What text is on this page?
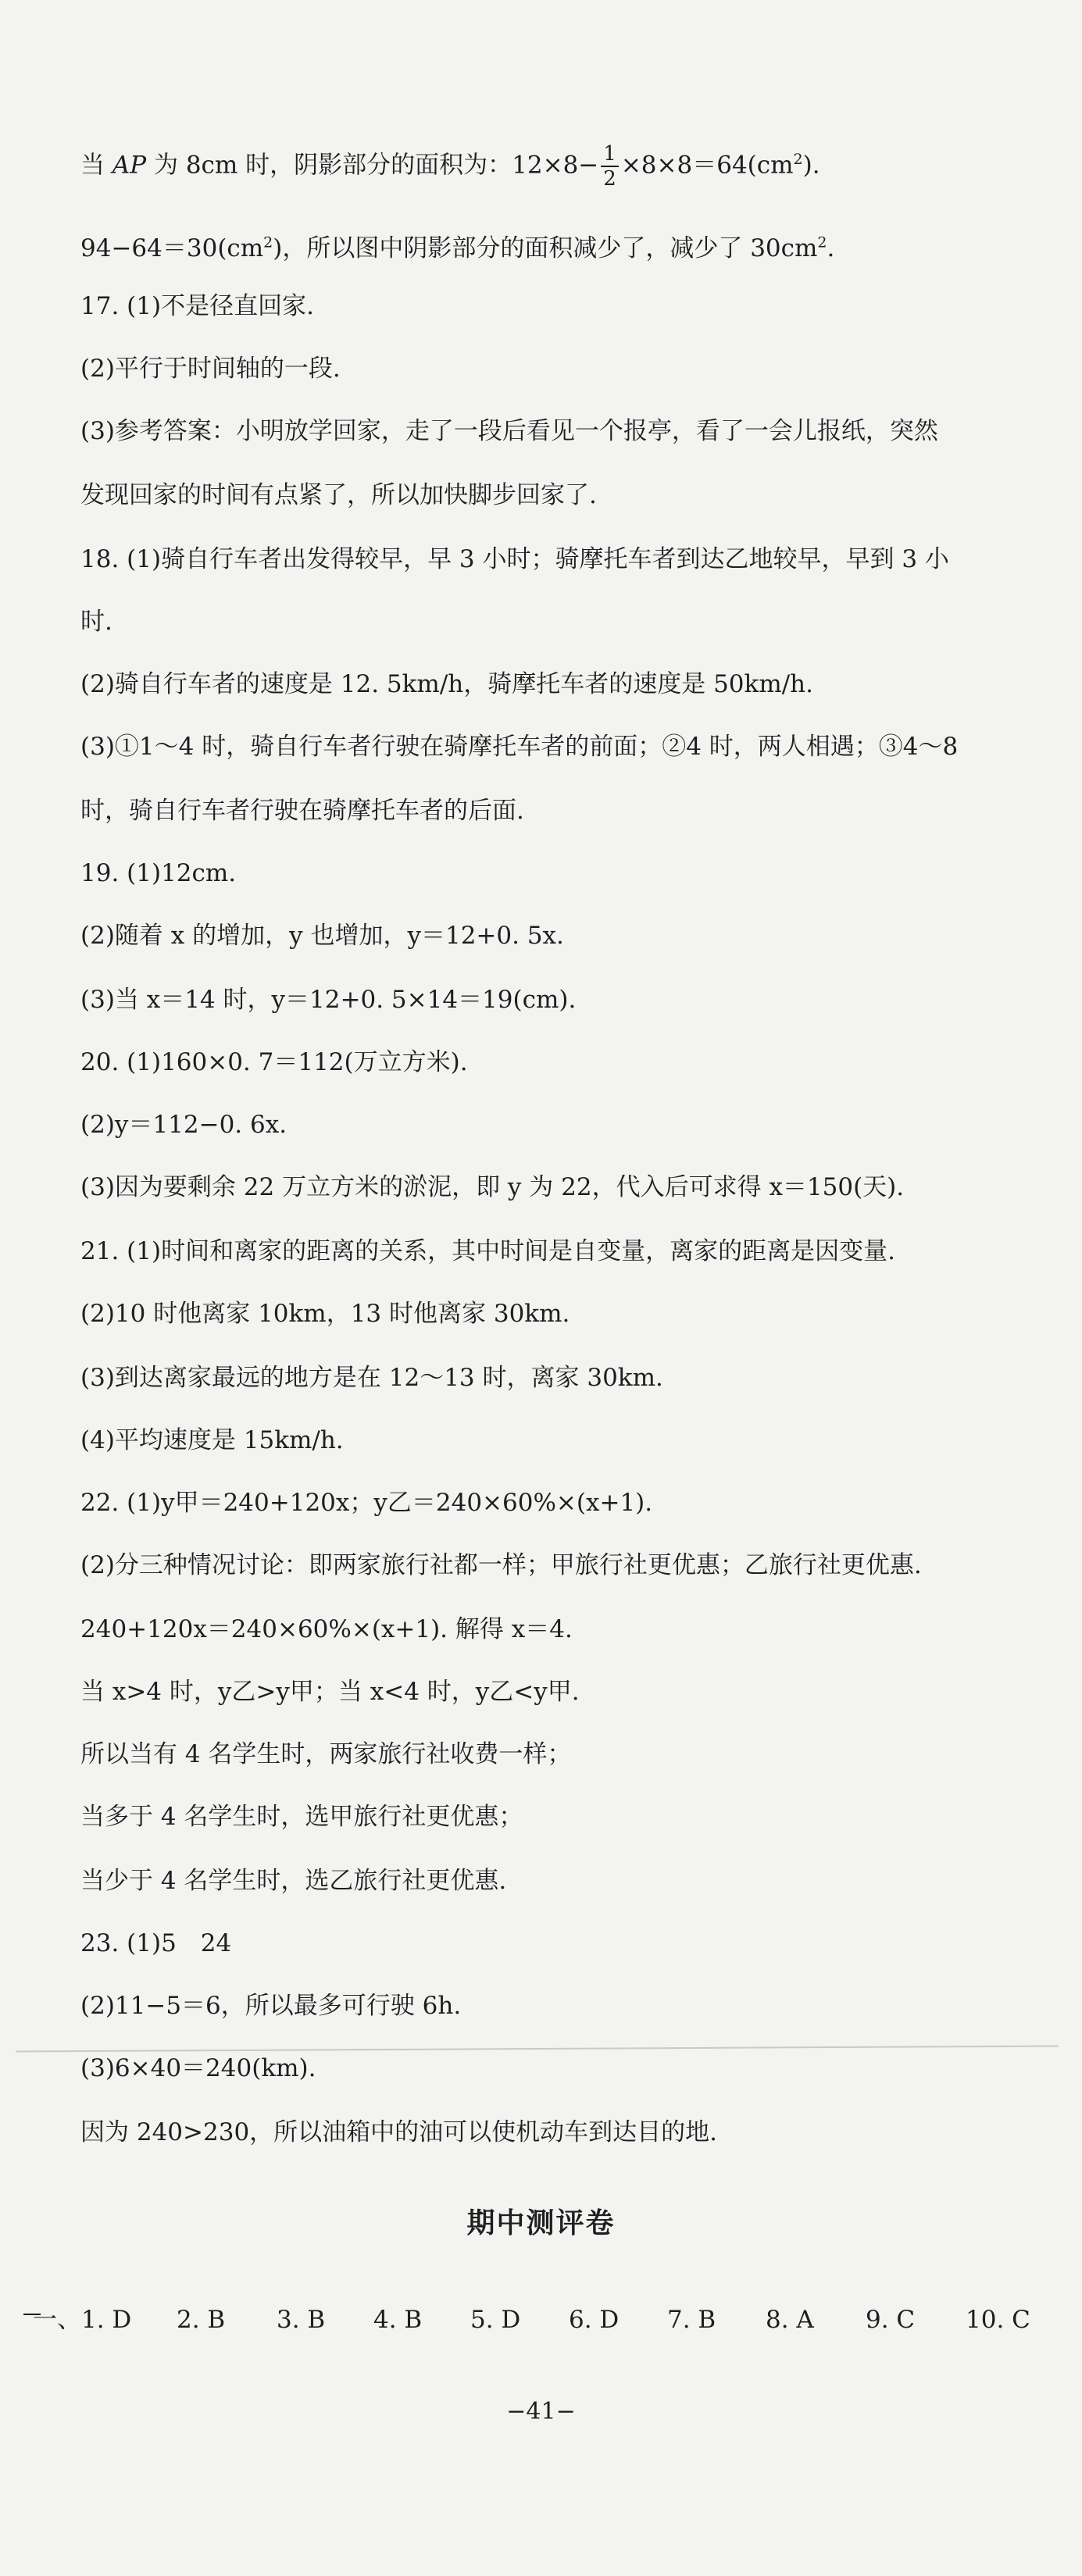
当 AP 为 8cm 时，阴影部分的面积为：$12\times 8- \frac{1}{2} \times 8\times 8=64(cm^2)$.
$94-64=30(cm^2)$，所以图中阴影部分的面积减少了，减少了 $30cm^2$.
17. (1)不是径直回家.
(2)平行于时间轴的一段.
(3)参考答案：小明放学回家，走了一段后看见一个报亭，看了一会儿报纸，突然
发现回家的时间有点紧了，所以加快脚步回家了.
18. (1)骑自行车者出发得较早，早 3 小时；骑摩托车者到达乙地较早，早到 3 小
时.
(2)骑自行车者的速度是 12. 5km/h，骑摩托车者的速度是 50km/h.
(3)①1～4 时，骑自行车者行驶在骑摩托车者的前面；②4 时，两人相遇；③4～8
时，骑自行车者行驶在骑摩托车者的后面.
19. (1)12cm.
(2)随着 x 的增加，y 也增加，y＝12+0. 5x.
(3)当 x＝14 时，y＝12+0. 5×14＝19(cm).
20. (1)160×0. 7＝112(万立方米).
(2)y＝112−0. 6x.
(3)因为要剩余 22 万立方米的淤泥，即 y 为 22，代入后可求得 x＝150(天).
21. (1)时间和离家的距离的关系，其中时间是自变量，离家的距离是因变量.
(2)10 时他离家 10km，13 时他离家 30km.
(3)到达离家最远的地方是在 12～13 时，离家 30km.
(4)平均速度是 15km/h.
22. (1)y甲＝240+120x；y乙＝240×60%×(x+1).
(2)分三种情况讨论：即两家旅行社都一样；甲旅行社更优惠；乙旅行社更优惠.
240+120x＝240×60%×(x+1). 解得 x＝4.
当 x>4 时，y乙>y甲；当 x<4 时，y乙<y甲.
所以当有 4 名学生时，两家旅行社收费一样；
当多于 4 名学生时，选甲旅行社更优惠；
当少于 4 名学生时，选乙旅行社更优惠.
23. (1)5　24
(2)11−5＝6，所以最多可行驶 6h.
(3)6×40＝240(km).
因为 240>230，所以油箱中的油可以使机动车到达目的地.
期中测评卷
一、1. D 2. B 3. B 4. B 5. D 6. D 7. B 8. A 9. C 10. C
−41−
